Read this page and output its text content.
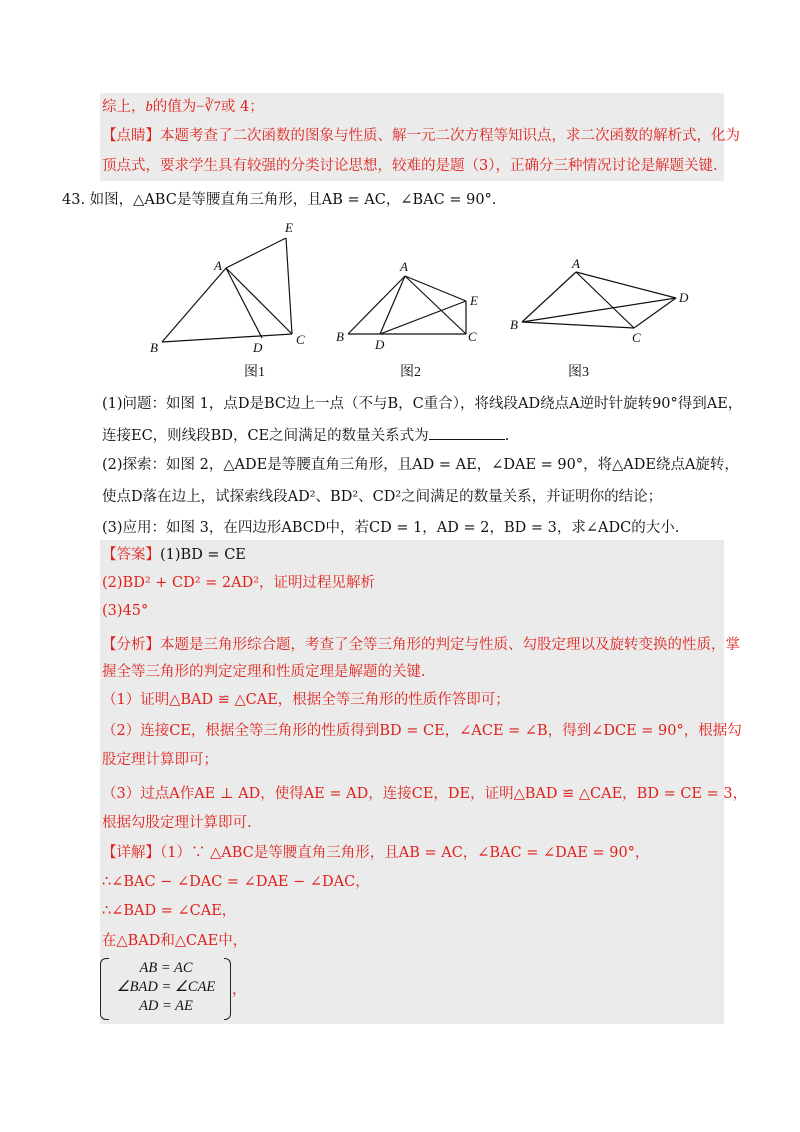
综上，b的值为−∛7或 4；
【点睛】本题考查了二次函数的图象与性质、解一元二次方程等知识点，求二次函数的解析式，化为
顶点式，要求学生具有较强的分类讨论思想，较难的是题（3），正确分三种情况讨论是解题关键.
43. 如图，△ABC是等腰直角三角形，且AB = AC，∠BAC = 90°.
A
E
B	D
C
A
E
B
D
C
A
D
B
C
图1	图2	图3
(1)问题：如图 1，点D是BC边上一点（不与B，C重合），将线段AD绕点A逆时针旋转90°得到AE，
连接EC，则线段BD，CE之间满足的数量关系式为	.
(2)探索：如图 2，△ADE是等腰直角三角形，且AD = AE，∠DAE = 90°，将△ADE绕点A旋转，
使点D落在边上，试探索线段AD²、BD²、CD²之间满足的数量关系，并证明你的结论；
(3)应用：如图 3，在四边形ABCD中，若CD = 1，AD = 2，BD = 3，求∠ADC的大小.
【答案】(1)BD = CE
(2)BD² + CD² = 2AD²，证明过程见解析
(3)45°
【分析】本题是三角形综合题，考查了全等三角形的判定与性质、勾股定理以及旋转变换的性质，掌
握全等三角形的判定定理和性质定理是解题的关键.
（1）证明△BAD ≌ △CAE，根据全等三角形的性质作答即可；
（2）连接CE，根据全等三角形的性质得到BD = CE，∠ACE = ∠B，得到∠DCE = 90°，根据勾
股定理计算即可；
（3）过点A作AE ⊥ AD，使得AE = AD，连接CE，DE，证明△BAD ≌ △CAE，BD = CE = 3，
根据勾股定理计算即可.
【详解】（1）∵ △ABC是等腰直角三角形，且AB = AC，∠BAC = ∠DAE = 90°，
∴∠BAC − ∠DAC = ∠DAE − ∠DAC，
∴∠BAD = ∠CAE，
在△BAD和△CAE中，
AB = AC
∠BAD = ∠CAE
AD = AE
，
